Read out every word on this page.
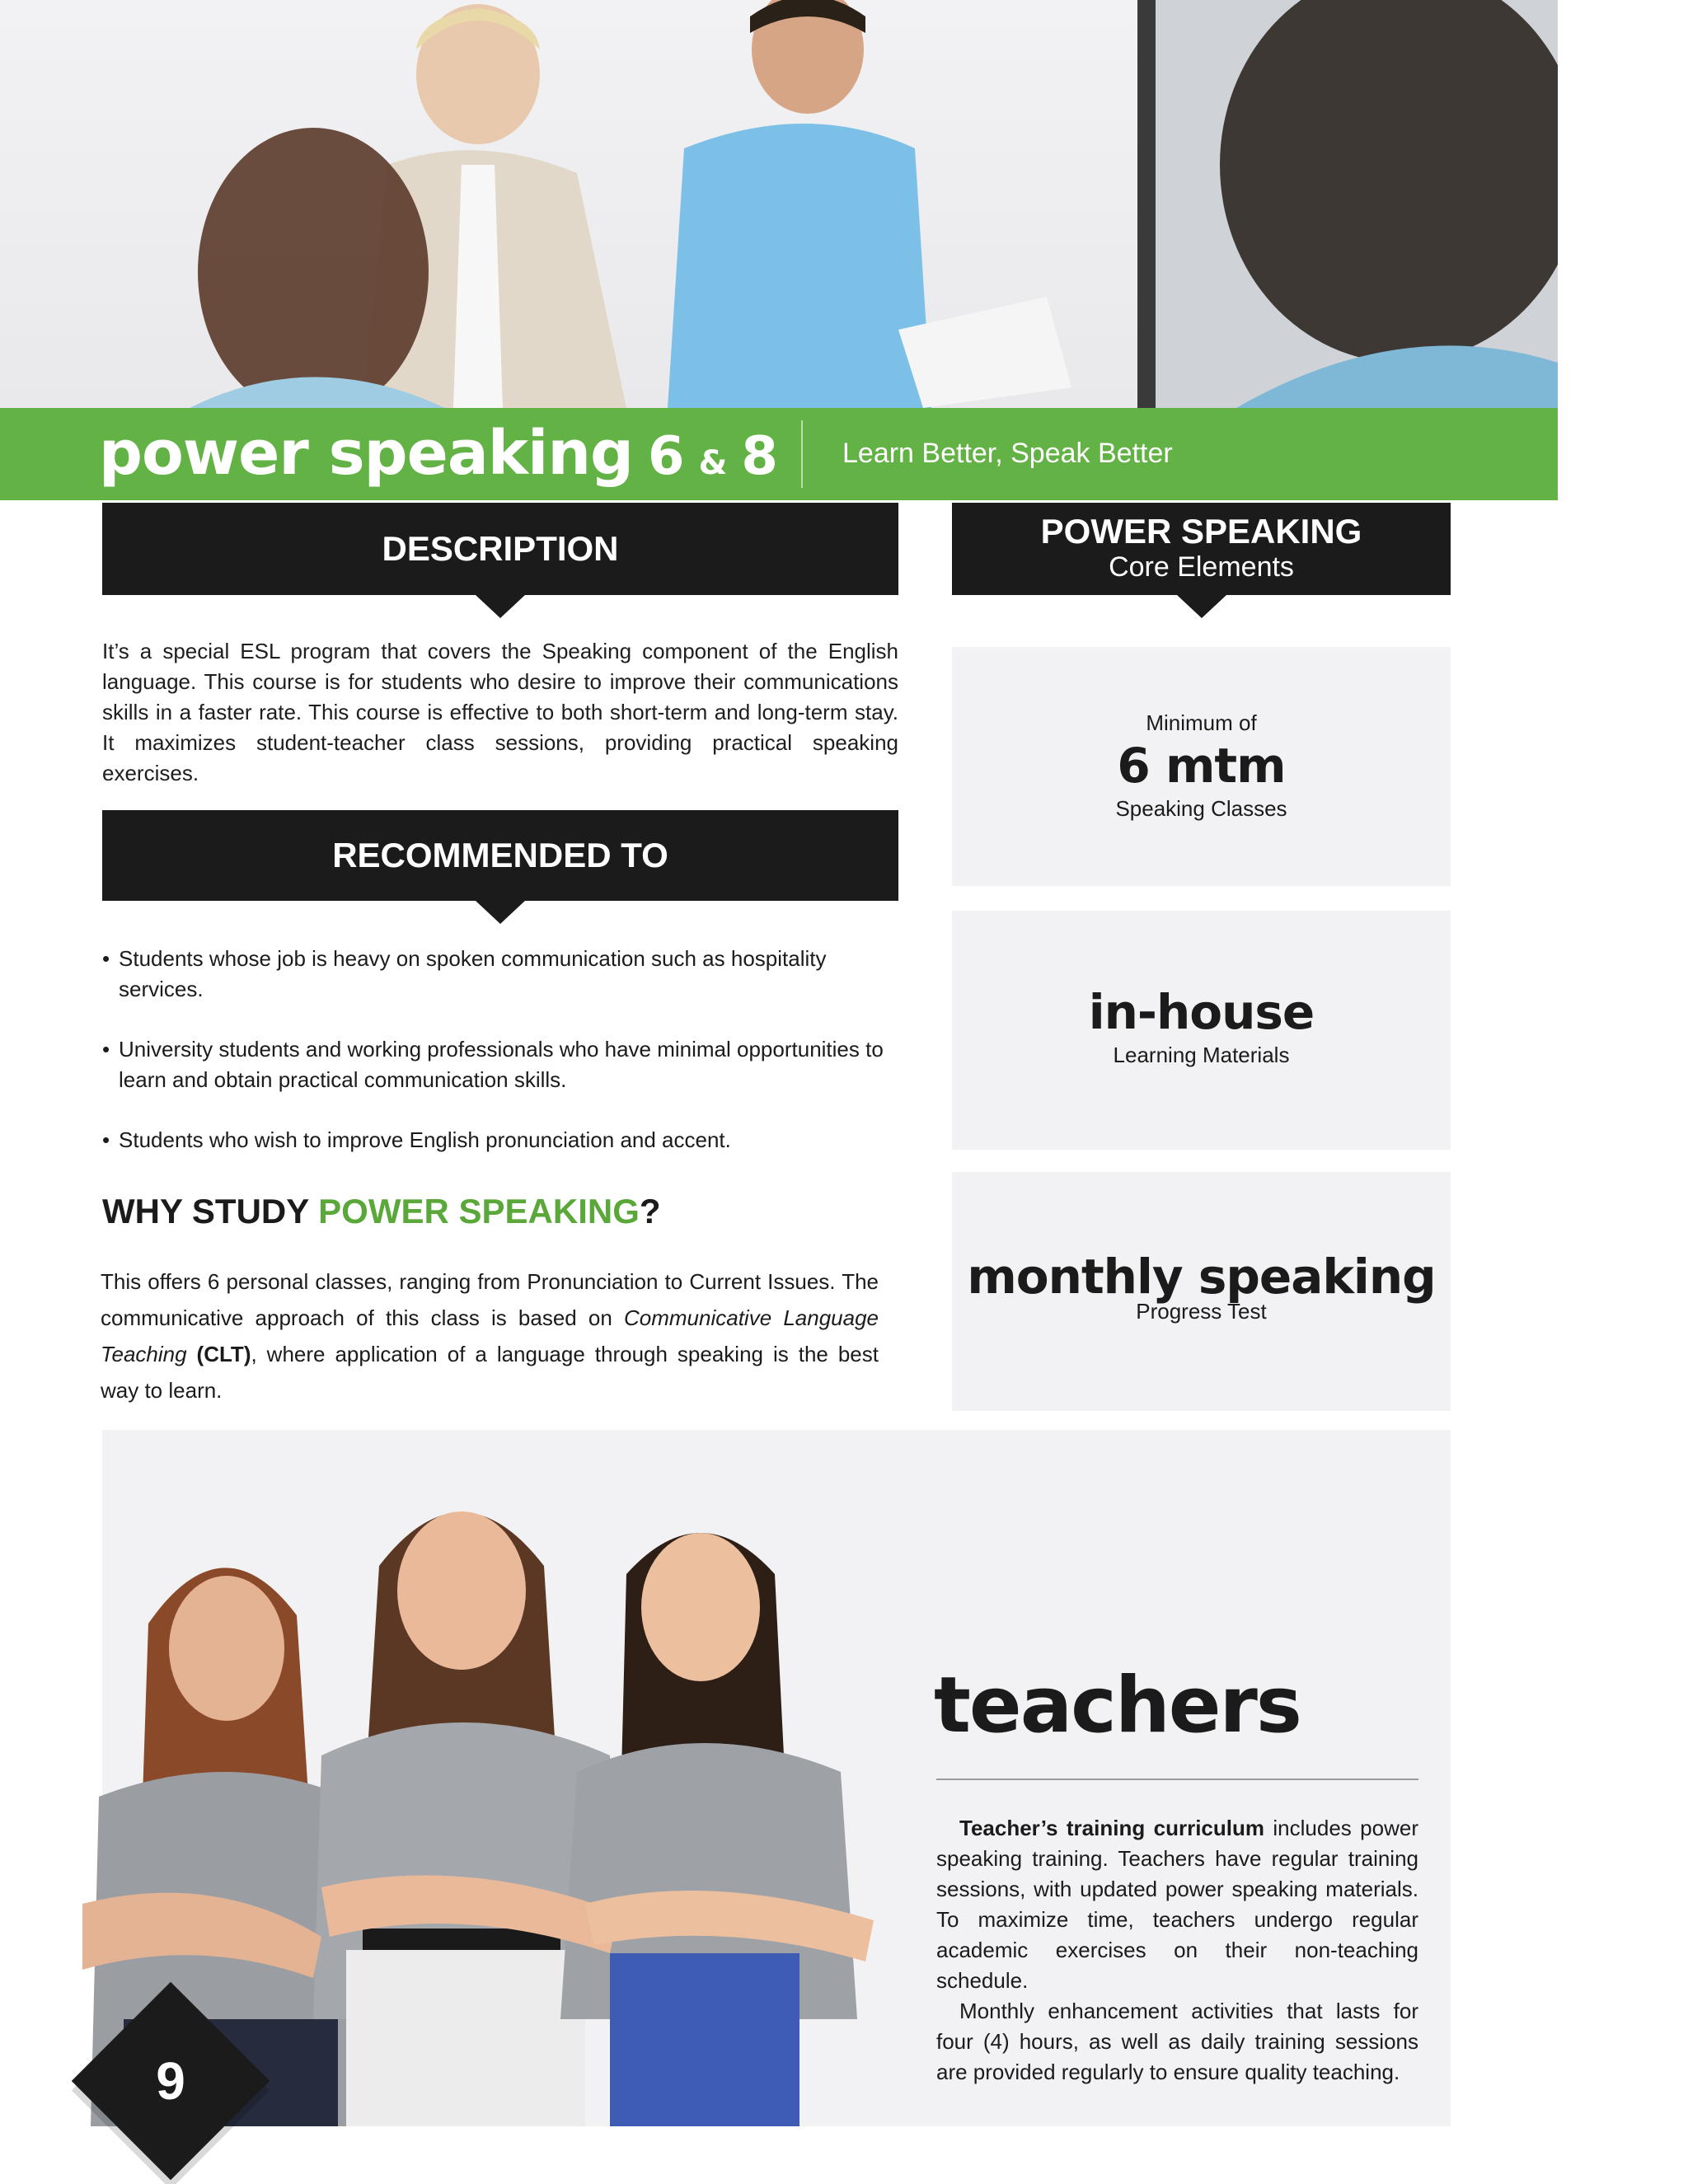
power speaking 6 & 8 Learn Better, Speak Better
DESCRIPTION
It’s a special ESL program that covers the Speaking component of the English language. This course is for students who desire to improve their communications skills in a faster rate. This course is effective to both short-term and long-term stay. It maximizes student-teacher class sessions, providing practical speaking exercises.
POWER SPEAKING
Core Elements
Minimum of
6 mtm
Speaking Classes
in-house
Learning Materials
monthly speaking
Progress Test
RECOMMENDED TO
• Students whose job is heavy on spoken communication such as hospitality services.
• University students and working professionals who have minimal opportunities to learn and obtain practical communication skills.
• Students who wish to improve English pronunciation and accent.
WHY STUDY POWER SPEAKING?
This offers 6 personal classes, ranging from Pronunciation to Current Issues. The communicative approach of this class is based on Communicative Language Teaching (CLT), where application of a language through speaking is the best way to learn.
teachers

Teacher’s training curriculum includes power speaking training. Teachers have regular training sessions, with updated power speaking materials. To maximize time, teachers undergo regular academic exercises on their non-teaching schedule.

Monthly enhancement activities that lasts for four (4) hours, as well as daily training sessions are provided regularly to ensure quality teaching.

9
